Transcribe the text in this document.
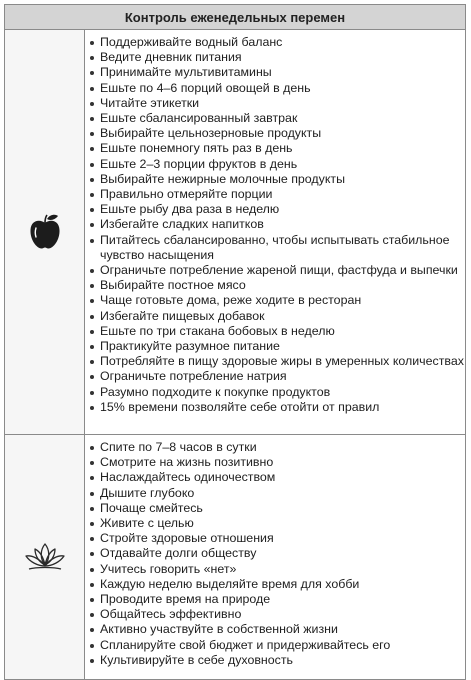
Контроль еженедельных перемен
Поддерживайте водный баланс
Ведите дневник питания
Принимайте мультивитамины
Ешьте по 4–6 порций овощей в день
Читайте этикетки
Ешьте сбалансированный завтрак
Выбирайте цельнозерновые продукты
Ешьте понемногу пять раз в день
Ешьте 2–3 порции фруктов в день
Выбирайте нежирные молочные продукты
Правильно отмеряйте порции
Ешьте рыбу два раза в неделю
Избегайте сладких напитков
Питайтесь сбалансированно, чтобы испытывать стабильное чувство насыщения
Ограничьте потребление жареной пищи, фастфуда и выпечки
Выбирайте постное мясо
Чаще готовьте дома, реже ходите в ресторан
Избегайте пищевых добавок
Ешьте по три стакана бобовых в неделю
Практикуйте разумное питание
Потребляйте в пищу здоровые жиры в умеренных количествах
Ограничьте потребление натрия
Разумно подходите к покупке продуктов
15% времени позволяйте себе отойти от правил
Спите по 7–8 часов в сутки
Смотрите на жизнь позитивно
Наслаждайтесь одиночеством
Дышите глубоко
Почаще смейтесь
Живите с целью
Стройте здоровые отношения
Отдавайте долги обществу
Учитесь говорить «нет»
Каждую неделю выделяйте время для хобби
Проводите время на природе
Общайтесь эффективно
Активно участвуйте в собственной жизни
Спланируйте свой бюджет и придерживайтесь его
Культивируйте в себе духовность
